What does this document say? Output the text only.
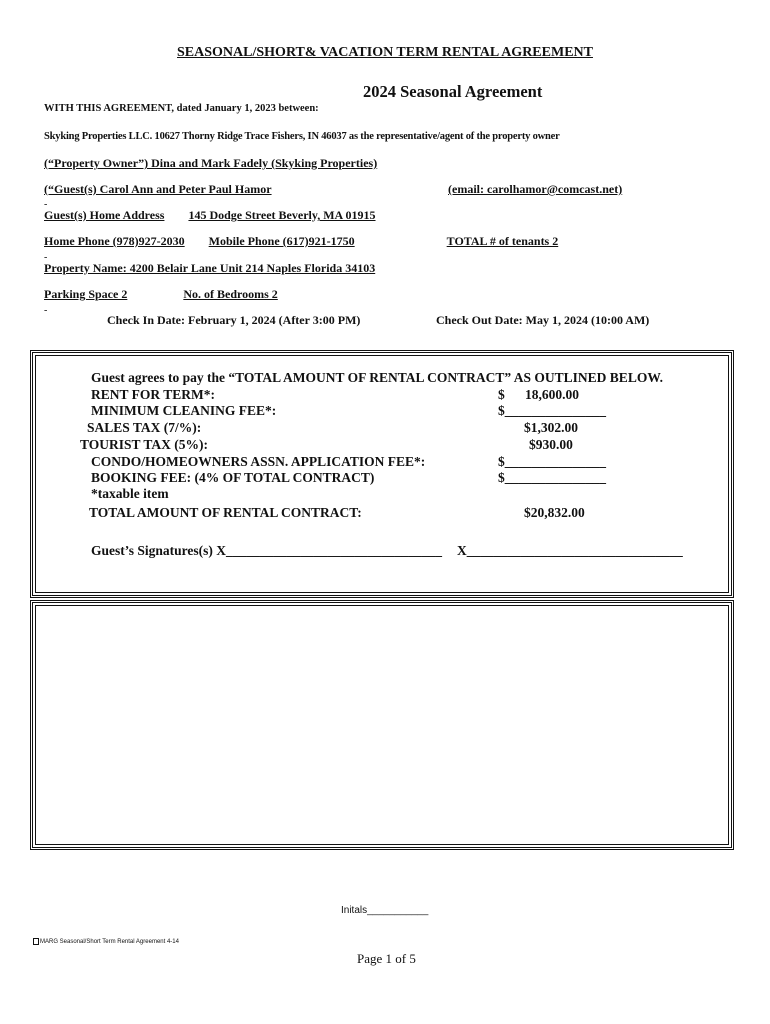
SEASONAL/SHORT& VACATION TERM RENTAL AGREEMENT
2024 Seasonal Agreement
WITH THIS AGREEMENT, dated January 1, 2023 between:
Skyking Properties LLC. 10627 Thorny Ridge Trace Fishers, IN 46037 as the representative/agent of the property owner
(“Property Owner”) Dina and Mark Fadely (Skyking Properties)
(“Guest(s) Carol Ann and Peter Paul Hamor	(email: carolhamor@comcast.net)
-
Guest(s) Home Address 145 Dodge Street Beverly, MA 01915
Home Phone (978)927-2030 Mobile Phone (617)921-1750	TOTAL # of tenants 2
-
Property Name: 4200 Belair Lane Unit 214 Naples Florida 34103
Parking Space 2	No. of Bedrooms 2
-
Check In Date: February 1, 2024 (After 3:00 PM)	Check Out Date: May 1, 2024 (10:00 AM)
Guest agrees to pay the “TOTAL AMOUNT OF RENTAL CONTRACT” AS OUTLINED BELOW.
RENT FOR TERM*:	$      18,600.00
MINIMUM CLEANING FEE*:	$_______________
SALES TAX (7/%):	$1,302.00
TOURIST TAX (5%):	$930.00
CONDO/HOMEOWNERS ASSN. APPLICATION FEE*:	$_______________
BOOKING FEE: (4% OF TOTAL CONTRACT)	$_______________
*taxable item
TOTAL AMOUNT OF RENTAL CONTRACT:	$20,832.00
Guest’s Signatures(s) X________________________________ X________________________________
Initals___________
MARG Seasonal/Short Term Rental Agreement 4-14
Page 1 of 5
